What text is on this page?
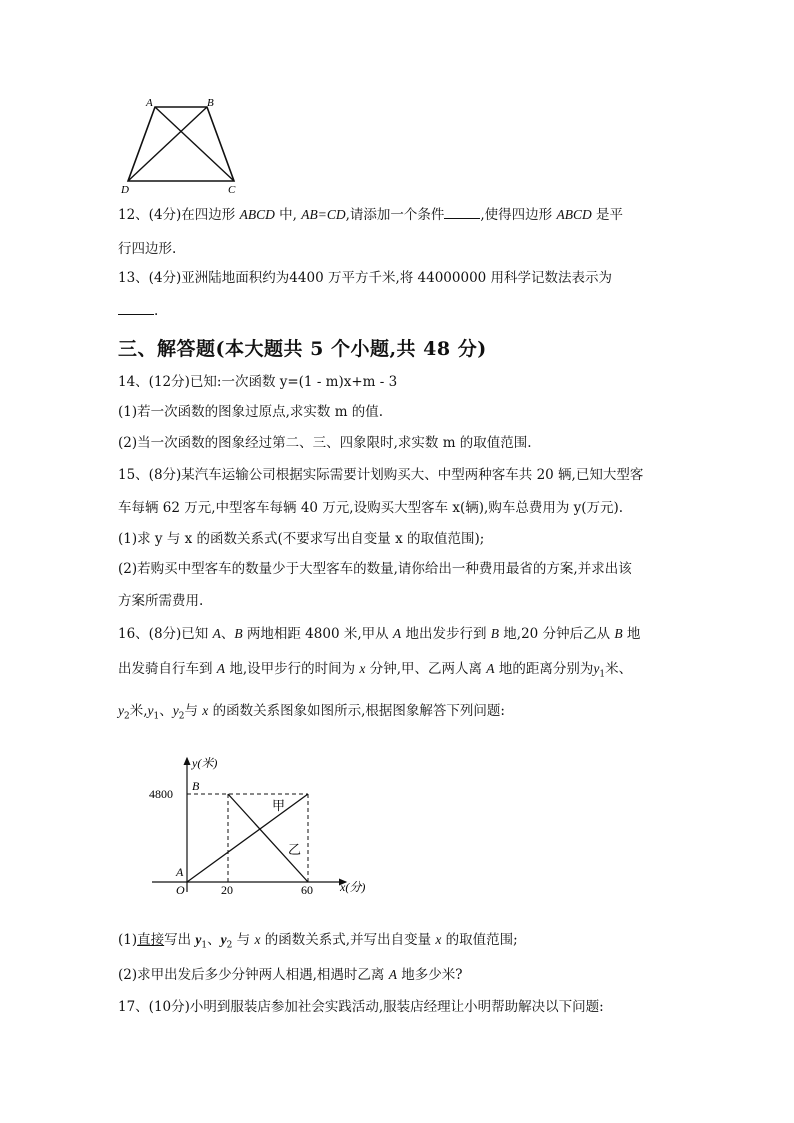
A	B
D	C
12、(4分)在四边形 ABCD 中, AB=CD,请添加一个条件	,使得四边形 ABCD 是平
行四边形.
13、(4分)亚洲陆地面积约为4400 万平方千米,将 44000000 用科学记数法表示为
.
三、解答题(本大题共 5 个小题,共 48 分)
14、(12分)已知:一次函数 y=(1 - m)x+m - 3
(1)若一次函数的图象过原点,求实数 m 的值.
(2)当一次函数的图象经过第二、三、四象限时,求实数 m 的取值范围.
15、(8分)某汽车运输公司根据实际需要计划购买大、中型两种客车共 20 辆,已知大型客
车每辆 62 万元,中型客车每辆 40 万元,设购买大型客车 x(辆),购车总费用为 y(万元).
(1)求 y 与 x 的函数关系式(不要求写出自变量 x 的取值范围);
(2)若购买中型客车的数量少于大型客车的数量,请你给出一种费用最省的方案,并求出该
方案所需费用.
16、(8分)已知 A、B 两地相距 4800 米,甲从 A 地出发步行到 B 地,20 分钟后乙从 B 地
出发骑自行车到 A 地,设甲步行的时间为 x 分钟,甲、乙两人离 A 地的距离分别为$y_1$米、
$y_2$米$,y_1$、$y_2$与 x 的函数关系图象如图所示,根据图象解答下列问题:
y(米)
x(分)
4800
20	60
O
A
B
甲
乙
(1)直接写出 $y_1$、$y_2$ 与 x 的函数关系式,并写出自变量 x 的取值范围;
(2)求甲出发后多少分钟两人相遇,相遇时乙离 A 地多少米?
17、(10分)小明到服装店参加社会实践活动,服装店经理让小明帮助解决以下问题:
